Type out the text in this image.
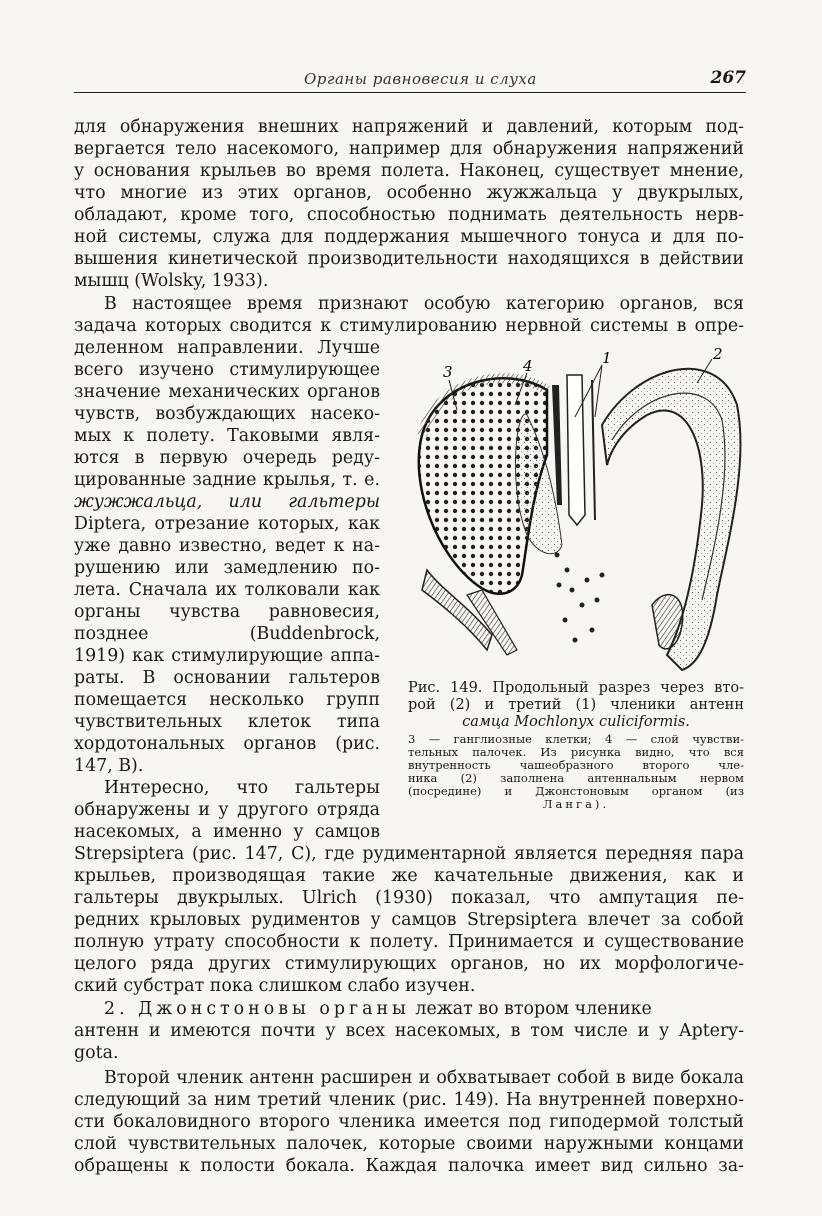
Органы равновесия и слуха	267
для обнаружения внешних напряжений и давлений, которым под-
вергается тело насекомого, например для обнаружения напряжений
у основания крыльев во время полета. Наконец, существует мнение,
что многие из этих органов, особенно жужжальца у двукрылых,
обладают, кроме того, способностью поднимать деятельность нерв-
ной системы, служа для поддержания мышечного тонуса и для по-
вышения кинетической производительности находящихся в действии
мышц (Wolsky, 1933).
В настоящее время признают особую категорию органов, вся
задача которых сводится к стимулированию нервной системы в опре-
деленном направлении. Лучше
всего изучено стимулирующее
значение механических органов
чувств, возбуждающих насеко-
мых к полету. Таковыми явля-
ются в первую очередь реду-
цированные задние крылья, т. е.
жужжальца, или гальтеры
Diptera, отрезание которых, как
уже давно известно, ведет к на-
рушению или замедлению по-
лета. Сначала их толковали как
органы чувства равновесия,
позднее (Buddenbrock,
1919) как стимулирующие аппа-
раты. В основании гальтеров
помещается несколько групп
чувствительных клеток типа
хордотональных органов (рис.
147, B).
Интересно, что гальтеры
обнаружены и у другого отряда
насекомых, а именно у самцов
Strepsiptera (рис. 147, C), где рудиментарной является передняя пара
крыльев, производящая такие же качательные движения, как и
гальтеры двукрылых. Ulrich (1930) показал, что ампутация пе-
редних крыловых рудиментов у самцов Strepsiptera влечет за собой
полную утрату способности к полету. Принимается и существование
целого ряда других стимулирующих органов, но их морфологиче-
ский субстрат пока слишком слабо изучен.
2. Джонстоновы органы лежат во втором членике
антенн и имеются почти у всех насекомых, в том числе и у Aptery-
gota.
Второй членик антенн расширен и обхватывает собой в виде бокала
следующий за ним третий членик (рис. 149). На внутренней поверхно-
сти бокаловидного второго членика имеется под гиподермой толстый
слой чувствительных палочек, которые своими наружными концами
обращены к полости бокала. Каждая палочка имеет вид сильно за-
3	4	1	2
Рис. 149. Продольный разрез через вто-
рой (2) и третий (1) членики антенн
самца Mochlonyx culiciformis.
3 — ганглиозные клетки; 4 — слой чувстви-
тельных палочек. Из рисунка видно, что вся
внутренность чашеобразного второго чле-
ника (2) заполнена антеннальным нервом
(посредине) и Джонстоновым органом (из
Ланга).
